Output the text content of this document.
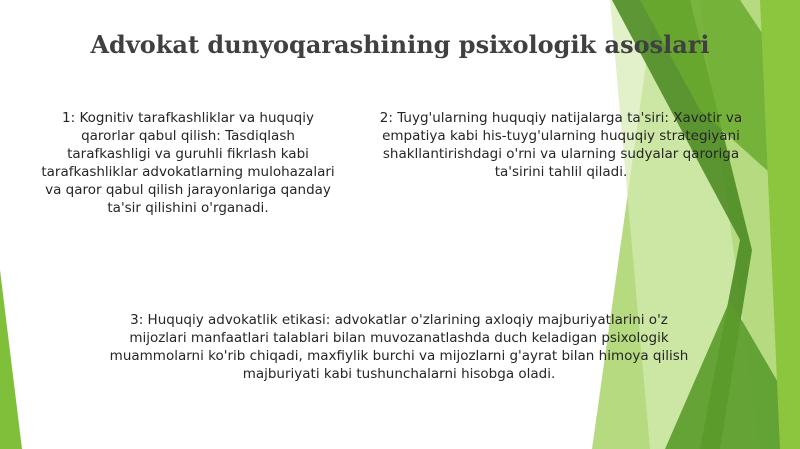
Advokat dunyoqarashining psixologik asoslari

1: Kognitiv tarafkashliklar va huquqiy qarorlar qabul qilish: Tasdiqlash tarafkashligi va guruhli fikrlash kabi tarafkashliklar advokatlarning mulohazalari va qaror qabul qilish jarayonlariga qanday ta'sir qilishini o'rganadi.

2: Tuyg'ularning huquqiy natijalarga ta'siri: Xavotir va empatiya kabi his-tuyg'ularning huquqiy strategiyani shakllantirishdagi o'rni va ularning sudyalar qaroriga ta'sirini tahlil qiladi.

3: Huquqiy advokatlik etikasi: advokatlar o'zlarining axloqiy majburiyatlarini o'z mijozlari manfaatlari talablari bilan muvozanatlashda duch keladigan psixologik muammolarni ko'rib chiqadi, maxfiylik burchi va mijozlarni g'ayrat bilan himoya qilish majburiyati kabi tushunchalarni hisobga oladi.
